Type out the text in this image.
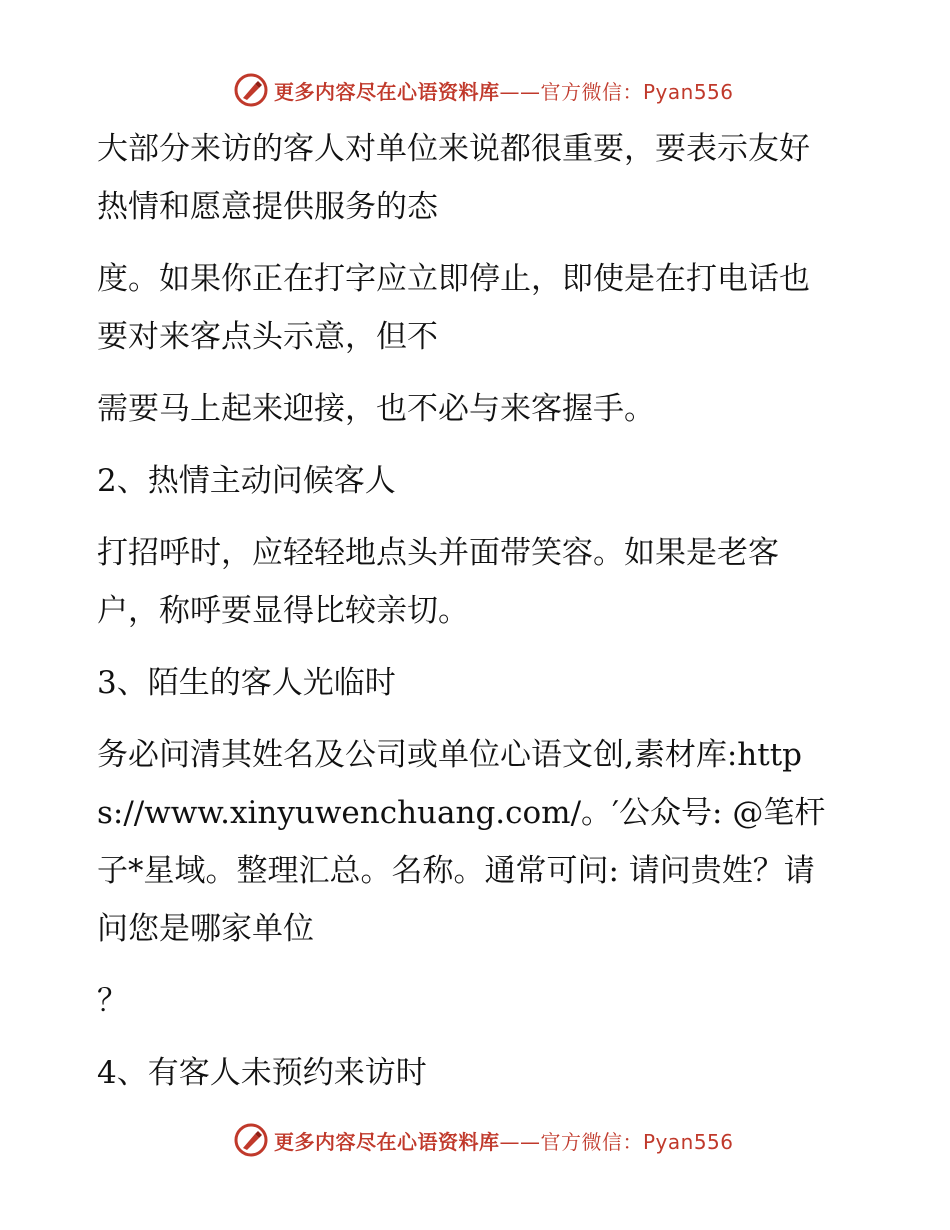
更多内容尽在心语资料库——官方微信：Pyan556

大部分来访的客人对单位来说都很重要，要表示友好热情和愿意提供服务的态

度。如果你正在打字应立即停止，即使是在打电话也要对来客点头示意，但不

需要马上起来迎接，也不必与来客握手。

2、热情主动问候客人

打招呼时，应轻轻地点头并面带笑容。如果是老客户，称呼要显得比较亲切。

3、陌生的客人光临时

务必问清其姓名及公司或单位心语文创,素材库:https://www.xinyuwenchuang.com/。′公众号: @笔杆子*星域。整理汇总。名称。通常可问: 请问贵姓？请问您是哪家单位

？

4、有客人未预约来访时

更多内容尽在心语资料库——官方微信：Pyan556
